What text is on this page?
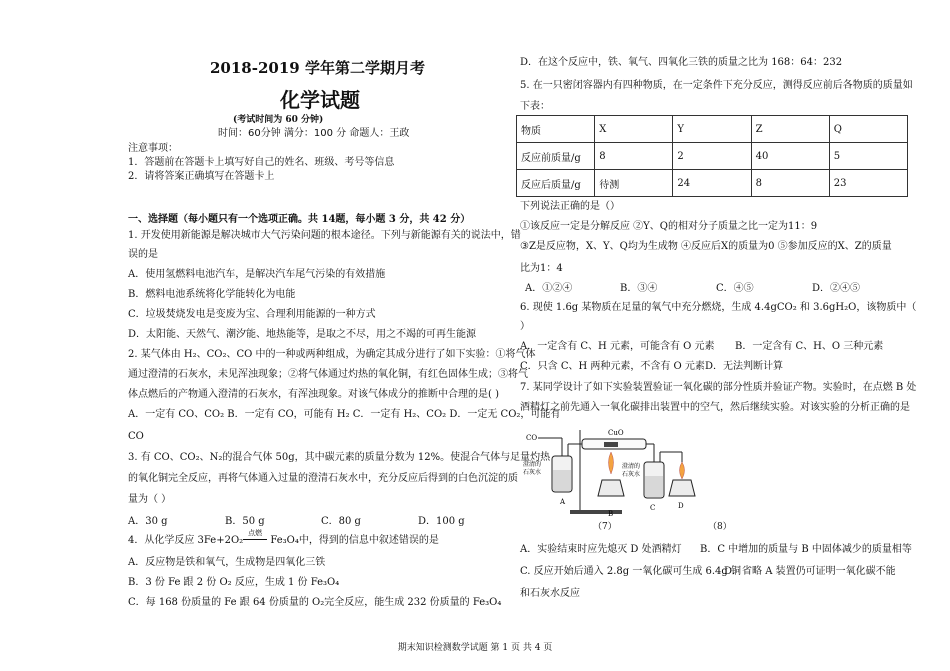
2018-2019 学年第二学期月考
化学试题
(考试时间为 60 分钟)
时间：60分钟 满分：100 分 命题人：王政
注意事项：
1．答题前在答题卡上填写好自己的姓名、班级、考号等信息
2．请将答案正确填写在答题卡上
一、选择题（每小题只有一个选项正确。共 14题，每小题 3 分，共 42 分）
1. 开发使用新能源是解决城市大气污染问题的根本途径。下列与新能源有关的说法中，错
误的是
A．使用氢燃料电池汽车，是解决汽车尾气污染的有效措施
B．燃料电池系统将化学能转化为电能
C．垃圾焚烧发电是变废为宝、合理利用能源的一种方式
D．太阳能、天然气、潮汐能、地热能等，是取之不尽，用之不竭的可再生能源
2. 某气体由 H₂、CO₂、CO 中的一种或两种组成，为确定其成分进行了如下实验：①将气体
通过澄清的石灰水，未见浑浊现象；②将气体通过灼热的氧化铜，有红色固体生成；③将气
体点燃后的产物通入澄清的石灰水，有浑浊现象。对该气体成分的推断中合理的是( )
A．一定有 CO、CO₂ B．一定有 CO，可能有 H₂ C．一定有 H₂、CO₂ D．一定无 CO₂，可能有
CO
3. 有 CO、CO₂、N₂的混合气体 50g，其中碳元素的质量分数为 12%。使混合气体与足量灼热
的氧化铜完全反应，再将气体通入过量的澄清石灰水中，充分反应后得到的白色沉淀的质
量为（ ）
A．30 g	B．50 g	C．80 g	D．100 g
4．从化学反应 3Fe+2O₂
点燃
Fe₃O₄中，得到的信息中叙述错误的是
A．反应物是铁和氧气，生成物是四氧化三铁
B．3 份 Fe 跟 2 份 O₂ 反应，生成 1 份 Fe₃O₄
C．每 168 份质量的 Fe 跟 64 份质量的 O₂完全反应，能生成 232 份质量的 Fe₃O₄
D．在这个反应中，铁、氧气、四氧化三铁的质量之比为 168：64：232
5. 在一只密闭容器内有四种物质，在一定条件下充分反应，测得反应前后各物质的质量如
下表：
物质	X	Y	Z	Q
反应前质量/g	8	2	40	5
反应后质量/g	待测	24	8	23
下列说法正确的是（）
①该反应一定是分解反应 ②Y、Q的相对分子质量之比一定为11：9
③Z是反应物，X、Y、Q均为生成物 ④反应后X的质量为0 ⑤参加反应的X、Z的质量
比为1：4
A．①②④	B．③④	C．④⑤	D．②④⑤
6. 现使 1.6g 某物质在足量的氧气中充分燃烧，生成 4.4gCO₂ 和 3.6gH₂O，该物质中（
）
A．一定含有 C、H 元素，可能含有 O 元素 B．一定含有 C、H、O 三种元素
C．只含 C、H 两种元素，不含有 O 元素 D．无法判断计算
7. 某同学设计了如下实验装置验证一氧化碳的部分性质并验证产物。实验时，在点燃 B 处
酒精灯之前先通入一氧化碳排出装置中的空气，然后继续实验。对该实验的分析正确的是
CO
澄清的
石灰水
A
CuO
B
澄清的
石灰水
C	D
（7）	（8）
A．实验结束时应先熄灭 D 处酒精灯 B．C 中增加的质量与 B 中固体减少的质量相等
C. 反应开始后通入 2.8g 一氧化碳可生成 6.4g 铜
D．省略 A 装置仍可证明一氧化碳不能
和石灰水反应
期末知识检测数学试题 第 1 页 共 4 页
